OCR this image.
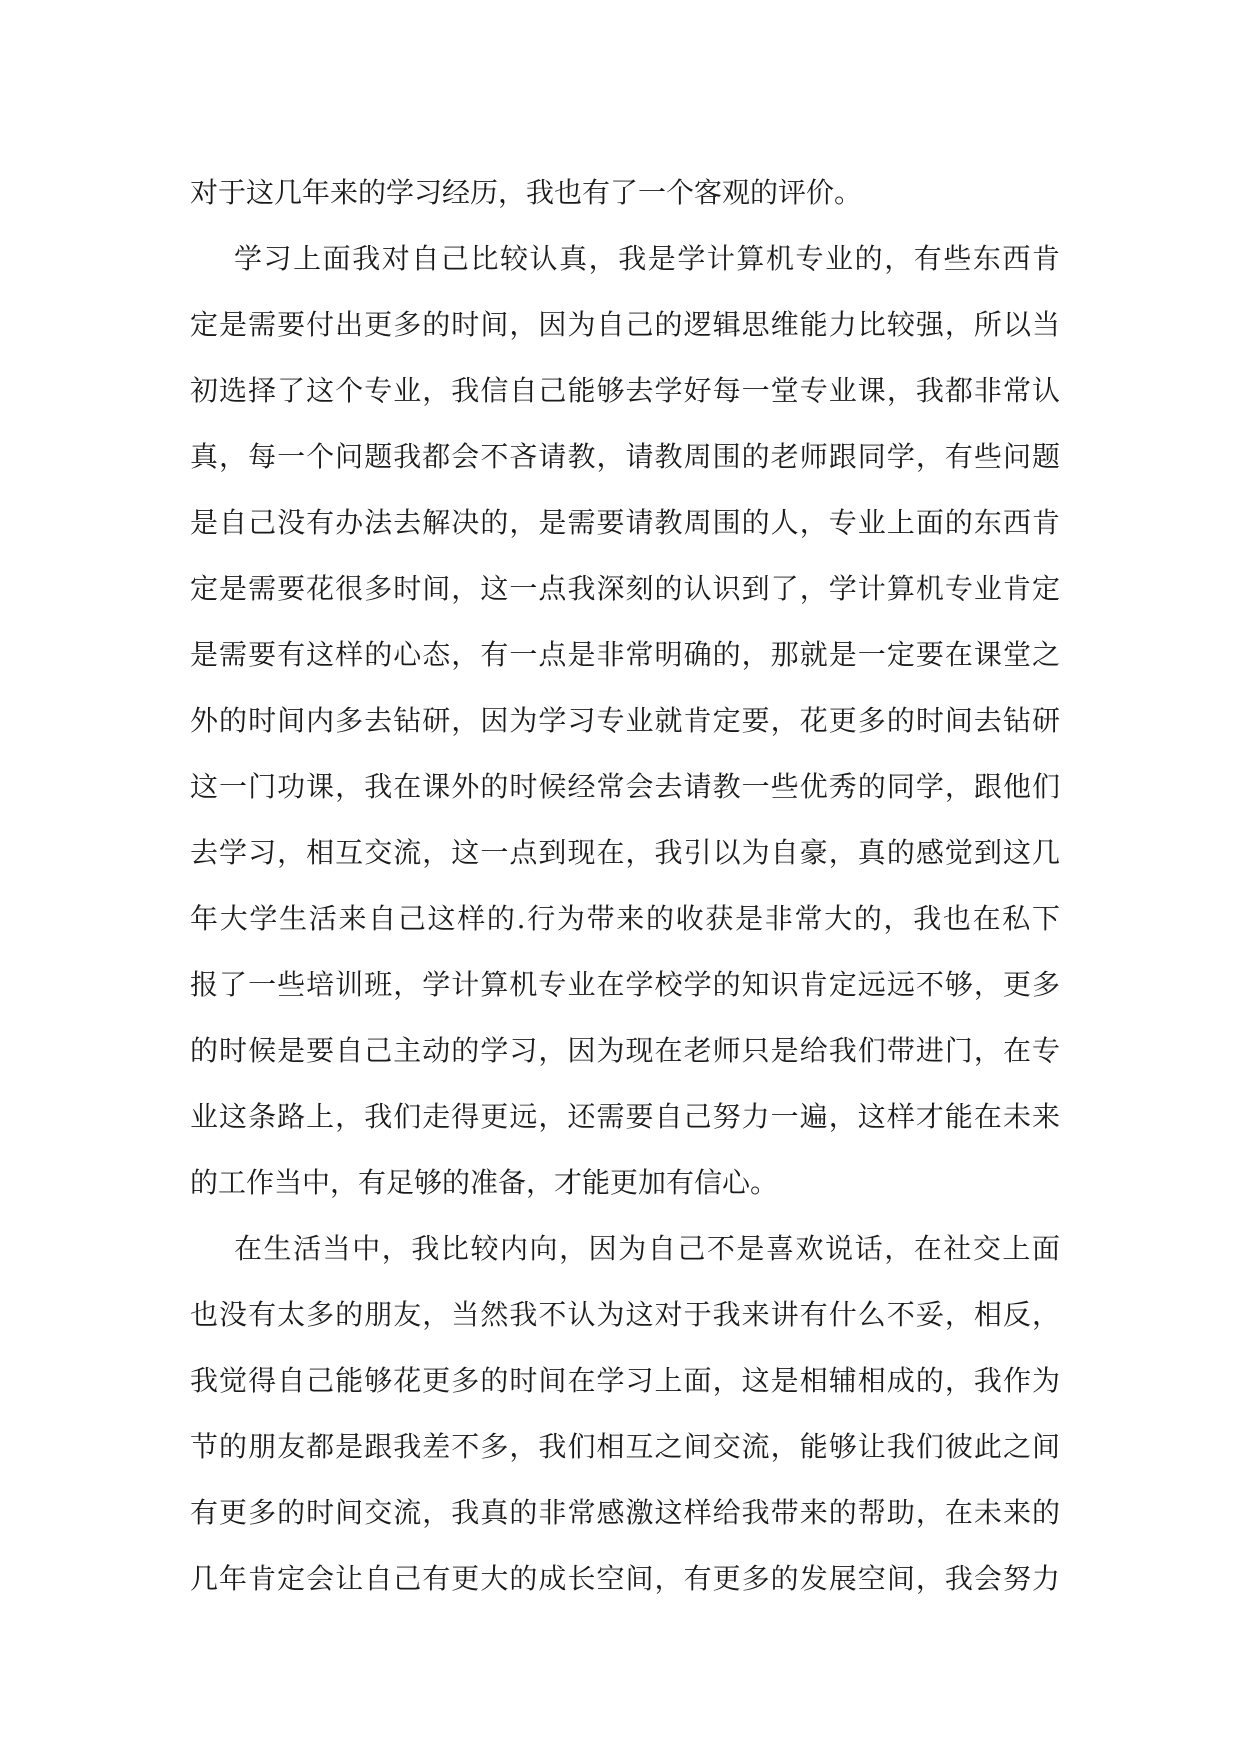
对于这几年来的学习经历，我也有了一个客观的评价。
学习上面我对自己比较认真，我是学计算机专业的，有些东西肯
定是需要付出更多的时间，因为自己的逻辑思维能力比较强，所以当
初选择了这个专业，我信自己能够去学好每一堂专业课，我都非常认
真，每一个问题我都会不吝请教，请教周围的老师跟同学，有些问题
是自己没有办法去解决的，是需要请教周围的人，专业上面的东西肯
定是需要花很多时间，这一点我深刻的认识到了，学计算机专业肯定
是需要有这样的心态，有一点是非常明确的，那就是一定要在课堂之
外的时间内多去钻研，因为学习专业就肯定要，花更多的时间去钻研
这一门功课，我在课外的时候经常会去请教一些优秀的同学，跟他们
去学习，相互交流，这一点到现在，我引以为自豪，真的感觉到这几
年大学生活来自己这样的.行为带来的收获是非常大的，我也在私下
报了一些培训班，学计算机专业在学校学的知识肯定远远不够，更多
的时候是要自己主动的学习，因为现在老师只是给我们带进门，在专
业这条路上，我们走得更远，还需要自己努力一遍，这样才能在未来
的工作当中，有足够的准备，才能更加有信心。
在生活当中，我比较内向，因为自己不是喜欢说话，在社交上面
也没有太多的朋友，当然我不认为这对于我来讲有什么不妥，相反，
我觉得自己能够花更多的时间在学习上面，这是相辅相成的，我作为
节的朋友都是跟我差不多，我们相互之间交流，能够让我们彼此之间
有更多的时间交流，我真的非常感激这样给我带来的帮助，在未来的
几年肯定会让自己有更大的成长空间，有更多的发展空间，我会努力
